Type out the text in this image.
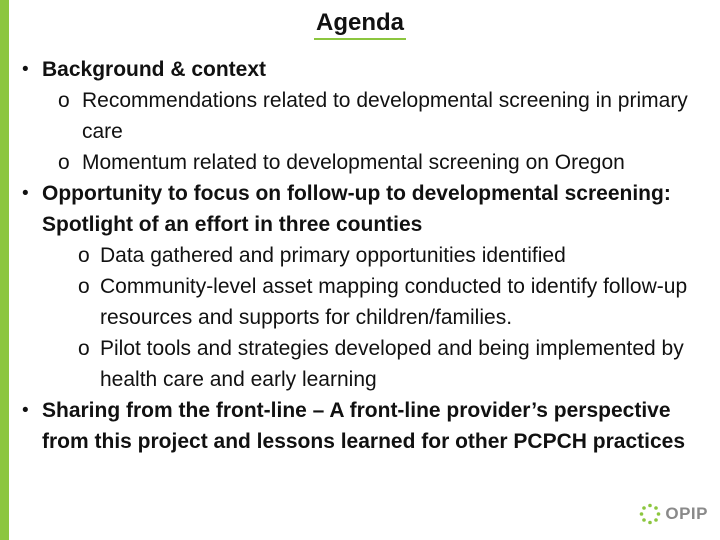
Agenda
• Background & context
o Recommendations related to developmental screening in primary care
o Momentum related to developmental screening on Oregon
• Opportunity to focus on follow-up to developmental screening: Spotlight of an effort in three counties
o Data gathered and primary opportunities identified
o Community-level asset mapping conducted to identify follow-up resources and supports for children/families.
o Pilot tools and strategies developed and being implemented by health care and early learning
• Sharing from the front-line – A front-line provider’s perspective from this project and lessons learned for other PCPCH practices
OPIP
